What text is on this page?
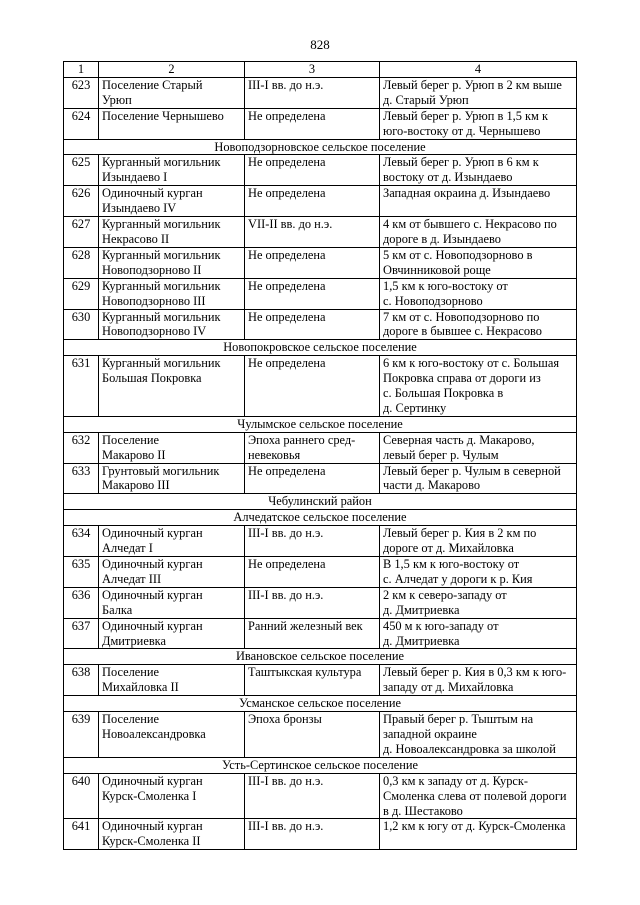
828
1	2	3	4
623	Поселение Старый
Урюп	III-I вв. до н.э.	Левый берег р. Урюп в 2 км выше
д. Старый Урюп
624	Поселение Чернышево	Не определена	Левый берег р. Урюп в 1,5 км к
юго-востоку от д. Чернышево
Новоподзорновское сельское поселение			
625	Курганный могильник
Изындаево I	Не определена	Левый берег р. Урюп в 6 км к
востоку от д. Изындаево
626	Одиночный курган
Изындаево IV	Не определена	Западная окраина д. Изындаево
627	Курганный могильник
Некрасово II	VII-II вв. до н.э.	4 км от бывшего с. Некрасово по
дороге в д. Изындаево
628	Курганный могильник
Новоподзорново II	Не определена	5 км от с. Новоподзорново в
Овчинниковой роще
629	Курганный могильник
Новоподзорново III	Не определена	1,5 км к юго-востоку от
с. Новоподзорново
630	Курганный могильник
Новоподзорново IV	Не определена	7 км от с. Новоподзорново по
дороге в бывшее с. Некрасово
Новопокровское сельское поселение			
631	Курганный могильник
Большая Покровка	Не определена	6 км к юго-востоку от с. Большая
Покровка справа от дороги из
с. Большая Покровка в
д. Сертинку
Чулымское сельское поселение			
632	Поселение
Макарово II	Эпоха раннего сред-
невековья	Северная часть д. Макарово,
левый берег р. Чулым
633	Грунтовый могильник
Макарово III	Не определена	Левый берег р. Чулым в северной
части д. Макарово
Чебулинский район			
Алчедатское сельское поселение			
634	Одиночный курган
Алчедат I	III-I вв. до н.э.	Левый берег р. Кия в 2 км по
дороге от д. Михайловка
635	Одиночный курган
Алчедат III	Не определена	В 1,5 км к юго-востоку от
с. Алчедат у дороги к р. Кия
636	Одиночный курган
Балка	III-I вв. до н.э.	2 км к северо-западу от
д. Дмитриевка
637	Одиночный курган
Дмитриевка	Ранний железный век	450 м к юго-западу от
д. Дмитриевка
Ивановское сельское поселение			
638	Поселение
Михайловка II	Таштыкская культура	Левый берег р. Кия в 0,3 км к юго-
западу от д. Михайловка
Усманское сельское поселение			
639	Поселение
Новоалександровка	Эпоха бронзы	Правый берег р. Тыштым на
западной окраине
д. Новоалександровка за школой
Усть-Сертинское сельское поселение			
640	Одиночный курган
Курск-Смоленка I	III-I вв. до н.э.	0,3 км к западу от д. Курск-
Смоленка слева от полевой дороги
в д. Шестаково
641	Одиночный курган
Курск-Смоленка II	III-I вв. до н.э.	1,2 км к югу от д. Курск-Смоленка
